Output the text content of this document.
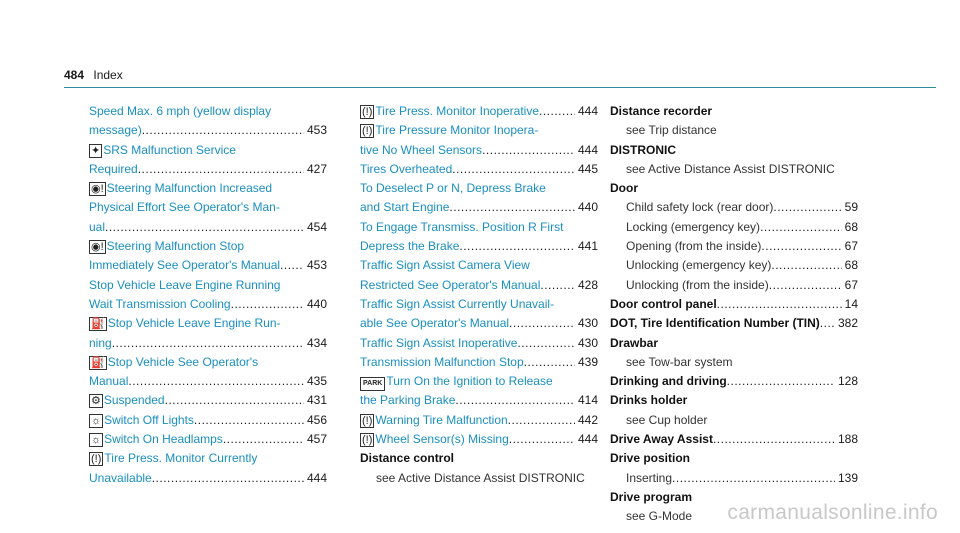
484 Index
Speed Max. 6 mph (yellow display
message) .....	453
✦ SRS Malfunction Service
Required .....	427
◉! Steering Malfunction Increased
Physical Effort See Operator's Man-
ual .....	454
◉! Steering Malfunction Stop
Immediately See Operator's Manual ..... 453
Stop Vehicle Leave Engine Running
Wait Transmission Cooling .....	440
⛽ Stop Vehicle Leave Engine Run-
ning .....	434
⛽ Stop Vehicle See Operator's
Manual .....	435
⚙ Suspended .....	431
☼ Switch Off Lights .....	456
☼ Switch On Headlamps .....	457
(!) Tire Press. Monitor Currently
Unavailable .....	444
(!) Tire Press. Monitor Inoperative .....	444
(!) Tire Pressure Monitor Inopera-
tive No Wheel Sensors .....	444
Tires Overheated .....	445
To Deselect P or N, Depress Brake
and Start Engine .....	440
To Engage Transmiss. Position R First
Depress the Brake .....	441
Traffic Sign Assist Camera View
Restricted See Operator's Manual .....	428
Traffic Sign Assist Currently Unavail-
able See Operator's Manual .....	430
Traffic Sign Assist Inoperative .....	430
Transmission Malfunction Stop .....	439
PARK Turn On the Ignition to Release
the Parking Brake .....	414
(!) Warning Tire Malfunction .....	442
(!) Wheel Sensor(s) Missing .....	444
Distance control
see Active Distance Assist DISTRONIC
Distance recorder
see Trip distance
DISTRONIC
see Active Distance Assist DISTRONIC
Door
Child safety lock (rear door) .....	59
Locking (emergency key) .....	68
Opening (from the inside) .....	67
Unlocking (emergency key) .....	68
Unlocking (from the inside) .....	67
Door control panel .....	14
DOT, Tire Identification Number (TIN) ..... 382
Drawbar
see Tow-bar system
Drinking and driving .....	128
Drinks holder
see Cup holder
Drive Away Assist .....	188
Drive position
Inserting .....	139
Drive program
see G-Mode carmanualsonline.info
